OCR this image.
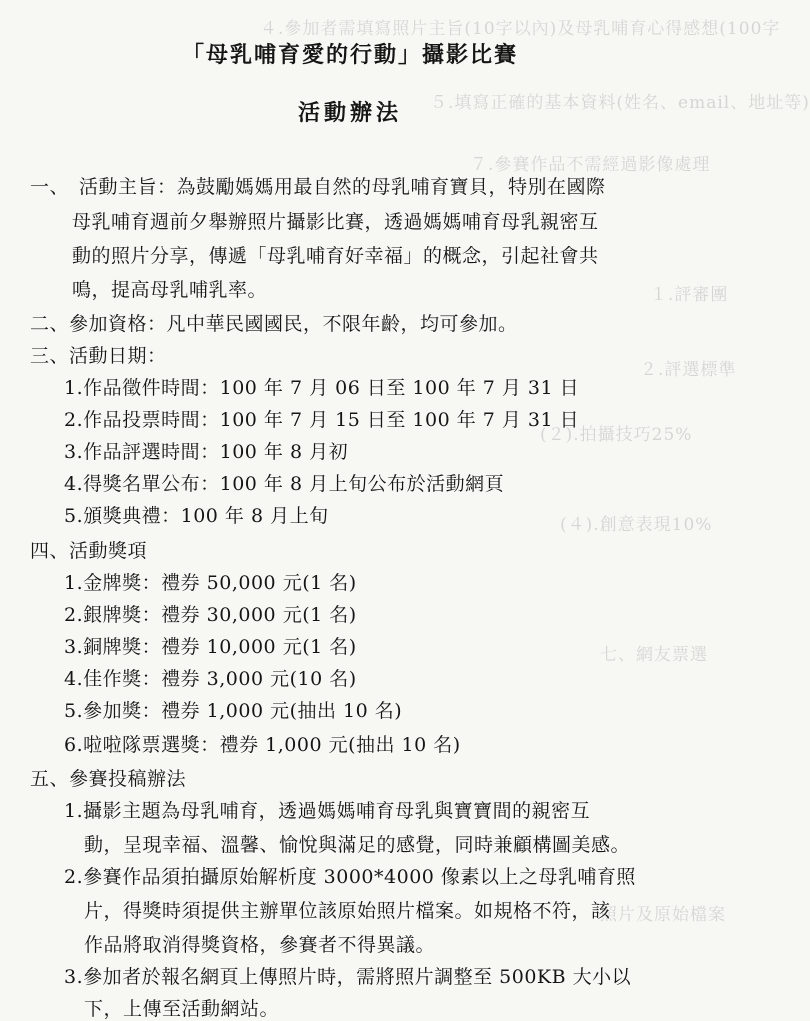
４.參加者需填寫照片主旨(10字以內)及母乳哺育心得感想(100字
５.填寫正確的基本資料(姓名、email、地址等)
７.參賽作品不需經過影像處理
１.評審團
２.評選標準
(２).拍攝技巧25%
(４).創意表現10%
七、網友票選
照片及原始檔案
「母乳哺育愛的行動」攝影比賽
活動辦法
一、　活動主旨：為鼓勵媽媽用最自然的母乳哺育寶貝，特別在國際
母乳哺育週前夕舉辦照片攝影比賽，透過媽媽哺育母乳親密互
動的照片分享，傳遞「母乳哺育好幸福」的概念，引起社會共
鳴，提高母乳哺乳率。
二、參加資格：凡中華民國國民，不限年齡，均可參加。
三、活動日期：
1.作品徵件時間：100 年 7 月 06 日至 100 年 7 月 31 日
2.作品投票時間：100 年 7 月 15 日至 100 年 7 月 31 日
3.作品評選時間：100 年 8 月初
4.得獎名單公布：100 年 8 月上旬公布於活動網頁
5.頒獎典禮：100 年 8 月上旬
四、活動獎項
1.金牌獎：禮券 50,000 元(1 名)
2.銀牌獎：禮券 30,000 元(1 名)
3.銅牌獎：禮券 10,000 元(1 名)
4.佳作獎：禮券 3,000 元(10 名)
5.參加獎：禮券 1,000 元(抽出 10 名)
6.啦啦隊票選獎：禮券 1,000 元(抽出 10 名)
五、參賽投稿辦法
1.攝影主題為母乳哺育，透過媽媽哺育母乳與寶寶間的親密互
動，呈現幸福、溫馨、愉悅與滿足的感覺，同時兼顧構圖美感。
2.參賽作品須拍攝原始解析度 3000*4000 像素以上之母乳哺育照
片，得獎時須提供主辦單位該原始照片檔案。如規格不符，該
作品將取消得獎資格，參賽者不得異議。
3.參加者於報名網頁上傳照片時，需將照片調整至 500KB 大小以
下，上傳至活動網站。
